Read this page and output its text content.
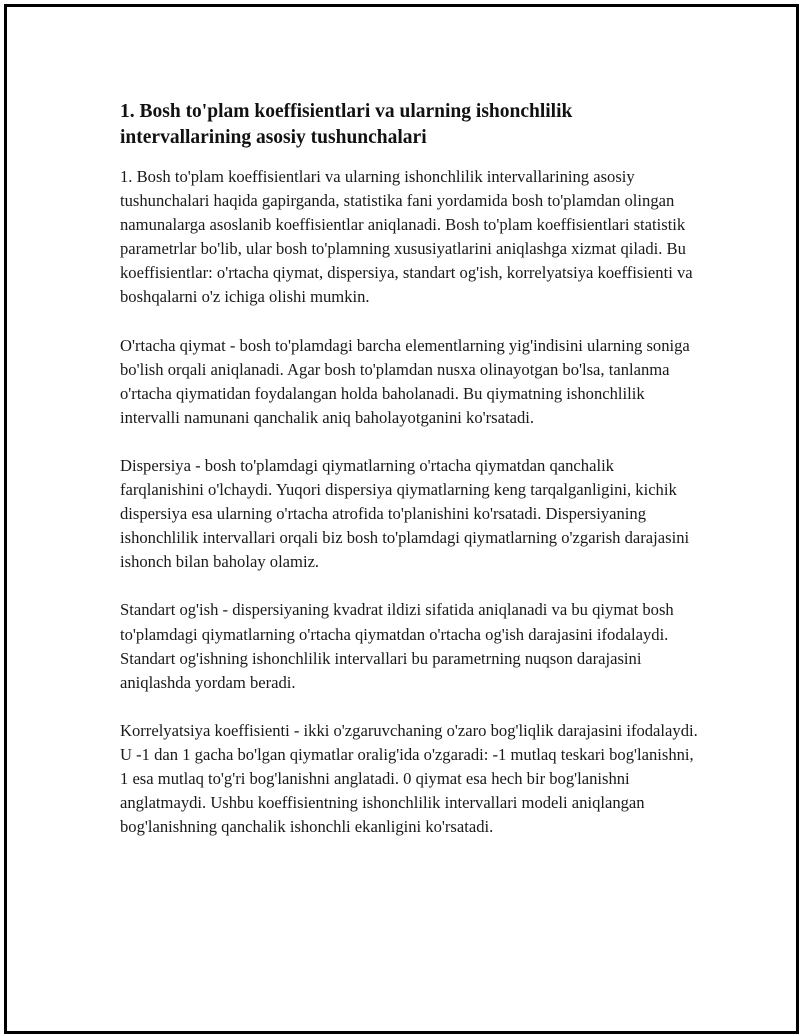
1. Bosh to'plam koeffisientlari va ularning ishonchlilik intervallarining asosiy tushunchalari

1. Bosh to'plam koeffisientlari va ularning ishonchlilik intervallarining asosiy tushunchalari haqida gapirganda, statistika fani yordamida bosh to'plamdan olingan namunalarga asoslanib koeffisientlar aniqlanadi. Bosh to'plam koeffisientlari statistik parametrlar bo'lib, ular bosh to'plamning xususiyatlarini aniqlashga xizmat qiladi. Bu koeffisientlar: o'rtacha qiymat, dispersiya, standart og'ish, korrelyatsiya koeffisienti va boshqalarni o'z ichiga olishi mumkin.

O'rtacha qiymat - bosh to'plamdagi barcha elementlarning yig'indisini ularning soniga bo'lish orqali aniqlanadi. Agar bosh to'plamdan nusxa olinayotgan bo'lsa, tanlanma o'rtacha qiymatidan foydalangan holda baholanadi. Bu qiymatning ishonchlilik intervalli namunani qanchalik aniq baholayotganini ko'rsatadi.

Dispersiya - bosh to'plamdagi qiymatlarning o'rtacha qiymatdan qanchalik farqlanishini o'lchaydi. Yuqori dispersiya qiymatlarning keng tarqalganligini, kichik dispersiya esa ularning o'rtacha atrofida to'planishini ko'rsatadi. Dispersiyaning ishonchlilik intervallari orqali biz bosh to'plamdagi qiymatlarning o'zgarish darajasini ishonch bilan baholay olamiz.

Standart og'ish - dispersiyaning kvadrat ildizi sifatida aniqlanadi va bu qiymat bosh to'plamdagi qiymatlarning o'rtacha qiymatdan o'rtacha og'ish darajasini ifodalaydi. Standart og'ishning ishonchlilik intervallari bu parametrning nuqson darajasini aniqlashda yordam beradi.

Korrelyatsiya koeffisienti - ikki o'zgaruvchaning o'zaro bog'liqlik darajasini ifodalaydi. U -1 dan 1 gacha bo'lgan qiymatlar oralig'ida o'zgaradi: -1 mutlaq teskari bog'lanishni, 1 esa mutlaq to'g'ri bog'lanishni anglatadi. 0 qiymat esa hech bir bog'lanishni anglatmaydi. Ushbu koeffisientning ishonchlilik intervallari modeli aniqlangan bog'lanishning qanchalik ishonchli ekanligini ko'rsatadi.
